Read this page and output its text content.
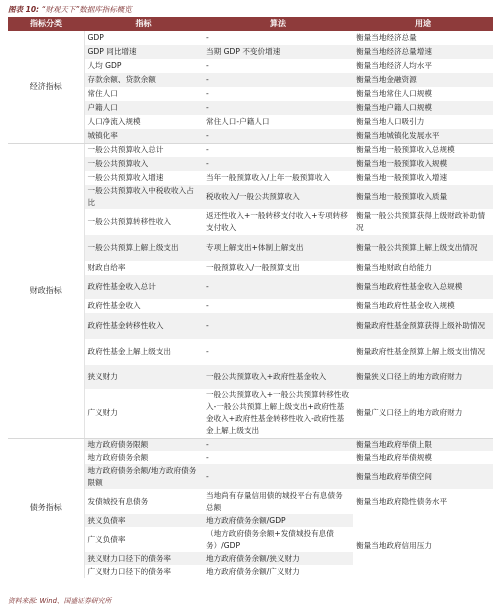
图表 10: “财观天下”数据库指标概览
指标分类	指标	算法	用途
经济指标	GDP	-	衡量当地经济总量
	GDP 同比增速	当期 GDP 不变价增速	衡量当地经济总量增速
	人均 GDP	-	衡量当地经济人均水平
	存款余额、贷款余额	-	衡量当地金融资源
	常住人口	-	衡量当地常住人口规模
	户籍人口	-	衡量当地户籍人口规模
	人口净流入规模	常住人口-户籍人口	衡量当地人口吸引力
	城镇化率	-	衡量当地城镇化发展水平
财政指标	一般公共预算收入总计	-	衡量当地一般预算收入总规模
	一般公共预算收入	-	衡量当地一般预算收入规模
	一般公共预算收入增速	当年一般预算收入/上年一般预算收入	衡量当地一般预算收入增速
	一般公共预算收入中税收收入占比	税收收入/一般公共预算收入	衡量当地一般预算收入质量
	一般公共预算转移性收入	返还性收入+一般转移支付收入+专项转移支付收入	衡量一般公共预算获得上级财政补助情况
	一般公共预算上解上级支出	专项上解支出+体制上解支出	衡量一般公共预算上解上级支出情况
	财政自给率	一般预算收入/一般预算支出	衡量当地财政自给能力
	政府性基金收入总计	-	衡量当地政府性基金收入总规模
	政府性基金收入	-	衡量当地政府性基金收入规模
	政府性基金转移性收入	-	衡量政府性基金预算获得上级补助情况
	政府性基金上解上级支出	-	衡量政府性基金预算上解上级支出情况
	狭义财力	一般公共预算收入+政府性基金收入	衡量狭义口径上的地方政府财力
	广义财力	一般公共预算收入+一般公共预算转移性收入-一般公共预算上解上级支出+政府性基金收入+政府性基金转移性收入-政府性基金上解上级支出	衡量广义口径上的地方政府财力
债务指标	地方政府债务限额	-	衡量当地政府举债上限
	地方政府债务余额	-	衡量当地政府举债规模
	地方政府债务余额/地方政府债务限额	-	衡量当地政府举债空间
	发债城投有息债务	当地尚有存量信用债的城投平台有息债务总额	衡量当地政府隐性债务水平
	狭义负债率	地方政府债务余额/GDP	衡量当地政府信用压力
	广义负债率	（地方政府债务余额+发债城投有息债务）/GDP	
	狭义财力口径下的债务率	地方政府债务余额/狭义财力	
	广义财力口径下的债务率	地方政府债务余额/广义财力	
资料来源: Wind、国盛证券研究所
